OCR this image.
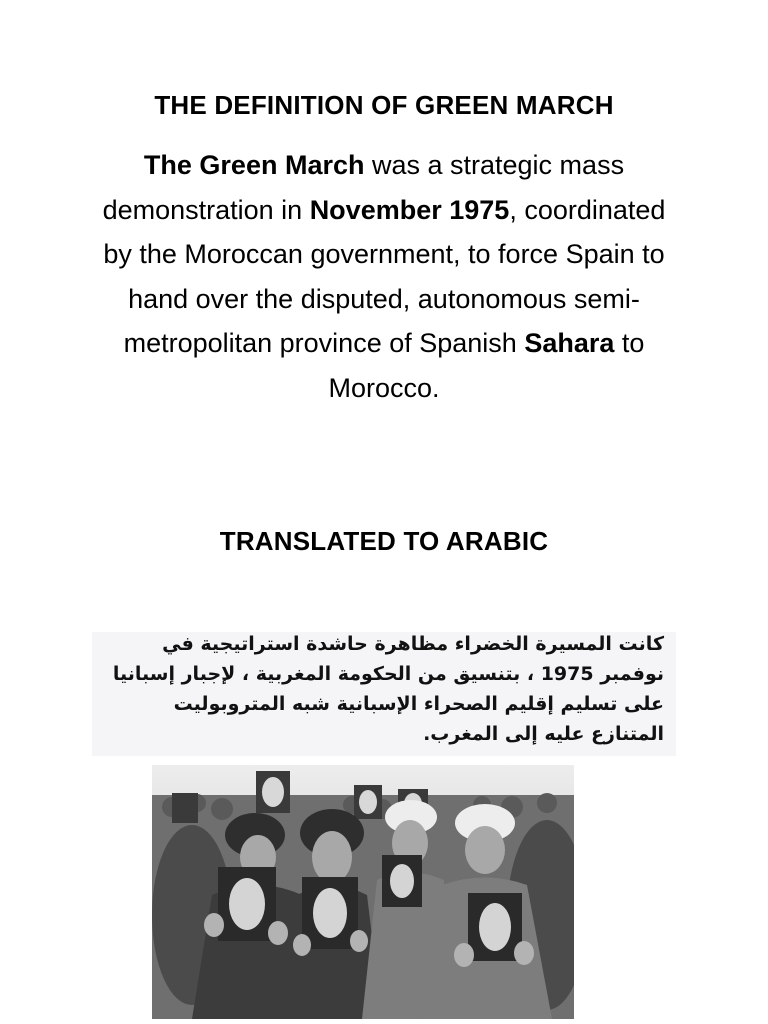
THE DEFINITION OF GREEN MARCH
The Green March was a strategic mass demonstration in November 1975, coordinated by the Moroccan government, to force Spain to hand over the disputed, autonomous semi-metropolitan province of Spanish Sahara to Morocco.
TRANSLATED TO ARABIC
كانت المسيرة الخضراء مظاهرة حاشدة استراتيجية في نوفمبر 1975 ، بتنسيق من الحكومة المغربية ، لإجبار إسبانيا على تسليم إقليم الصحراء الإسبانية شبه المتروبوليت المتنازع عليه إلى المغرب.
